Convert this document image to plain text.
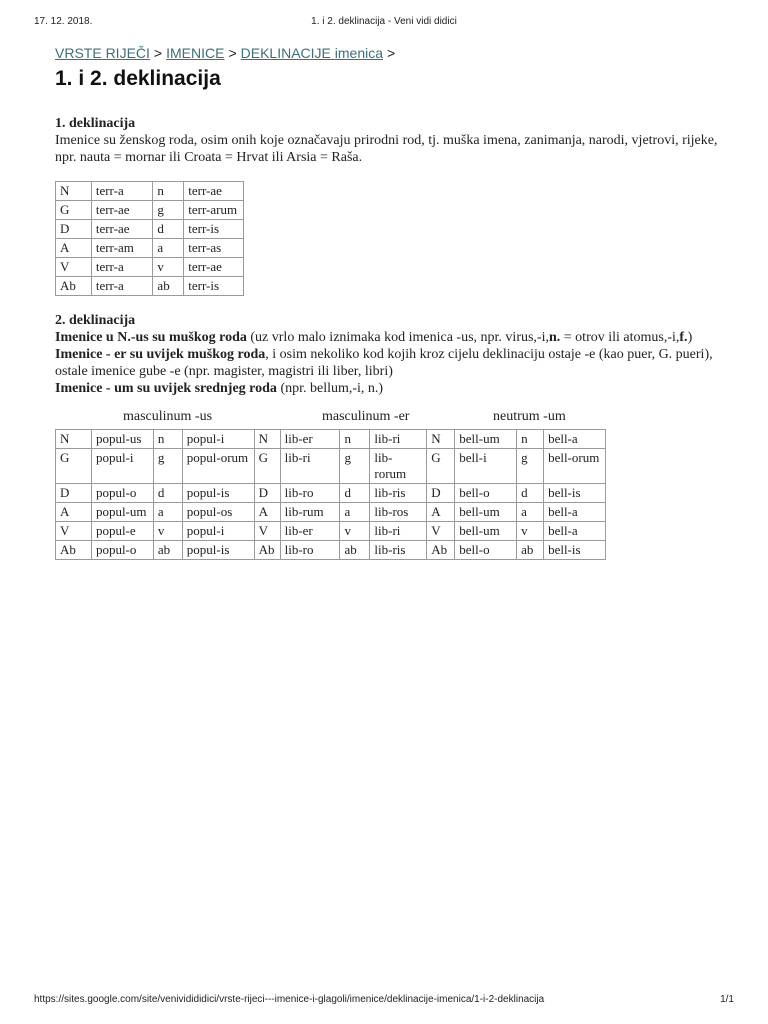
17. 12. 2018.	1. i 2. deklinacija - Veni vidi didici
VRSTE RIJEČI > IMENICE > DEKLINACIJE imenica >
1. i 2. deklinacija
1. deklinacija

Imenice su ženskog roda, osim onih koje označavaju prirodni rod, tj. muška imena, zanimanja, narodi, vjetrovi, rijeke, npr. nauta = mornar ili Croata = Hrvat ili Arsia = Raša.

N	terr-a	n	terr-ae
G	terr-ae	g	terr-arum
D	terr-ae	d	terr-is
A	terr-am	a	terr-as
V	terr-a	v	terr-ae
Ab	terr-a	ab	terr-is
2. deklinacija

Imenice u N.-us su muškog roda (uz vrlo malo iznimaka kod imenica -us, npr. virus,-i,n. = otrov ili atomus,-i,f.)

Imenice - er su uvijek muškog roda, i osim nekoliko kod kojih kroz cijelu deklinaciju ostaje -e (kao puer, G. pueri), ostale imenice gube -e (npr. magister, magistri ili liber, libri)

Imenice - um su uvijek srednjeg roda (npr. bellum,-i, n.)

masculinum -us	masculinum -er	neutrum -um
N	popul-us	n	popul-i	N	lib-er	n	lib-ri	N	bell-um	n	bell-a
G	popul-i	g	popul-orum	G	lib-ri	g	lib-rorum	G	bell-i	g	bell-orum
D	popul-o	d	popul-is	D	lib-ro	d	lib-ris	D	bell-o	d	bell-is
A	popul-um	a	popul-os	A	lib-rum	a	lib-ros	A	bell-um	a	bell-a
V	popul-e	v	popul-i	V	lib-er	v	lib-ri	V	bell-um	v	bell-a
Ab	popul-o	ab	popul-is	Ab	lib-ro	ab	lib-ris	Ab	bell-o	ab	bell-is
https://sites.google.com/site/venividididici/vrste-rijeci---imenice-i-glagoli/imenice/deklinacije-imenica/1-i-2-deklinacija	1/1
